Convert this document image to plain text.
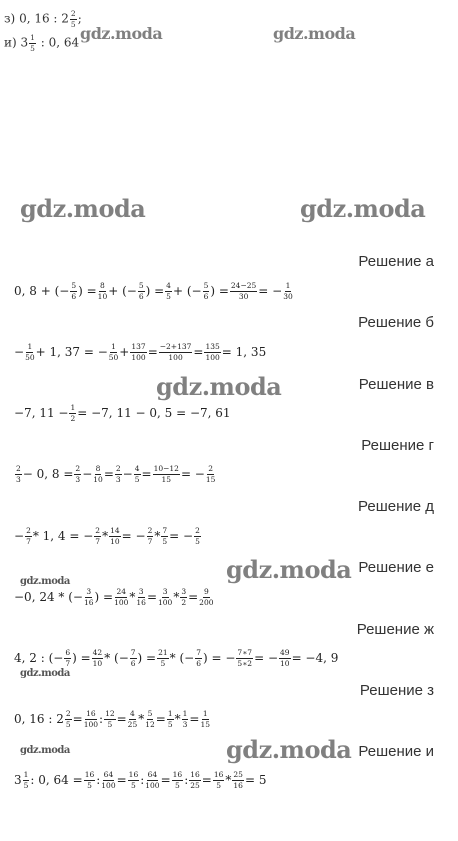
з) 0, 16 : $2 \frac{2}{5}$ ;
и) $3 \frac{1}{5}$ : 0, 64 gdz.moda	gdz.moda
gdz.moda	gdz.moda
gdz.moda
gdz.moda
gdz.moda
gdz.moda
gdz.moda
gdz.moda
Решение а
Решение б
Решение в
Решение г
Решение д
Решение е
Решение ж
Решение з
Решение и
0, 8 + (− $\frac{5}{6}$ ) = $\frac{8}{10}$ + (− $\frac{5}{6}$ ) = $\frac{4}{5}$ + (− $\frac{5}{6}$ ) = $\frac{24-25}{30}$ = − $\frac{1}{30}$
− $\frac{1}{50} + 1$, 37 = − $\frac{1}{50} + \frac{137}{100} = \frac{-2+137}{100} = \frac{135}{100} = 1$, 35
−7, $11 - \frac{1}{2} = -7$, 11 − 0, 5 = −7, 61
$\frac{2}{3} - 0$, $8 = \frac{2}{3} - \frac{8}{10} = \frac{2}{3} - \frac{4}{5} = \frac{10-12}{15}$ = − $\frac{2}{15}$
− $\frac{2}{7} * 1$, 4 = − $\frac{2}{7} * \frac{14}{10}$ = − $\frac{2}{7} * \frac{7}{5}$ = − $\frac{2}{5}$
−0, 24 * (− $\frac{3}{16}$ ) = $\frac{24}{100} * \frac{3}{16} = \frac{3}{100} * \frac{3}{2} = \frac{9}{200}$
4, 2 : (− $\frac{6}{7}$ ) = $\frac{42}{10}$ * (− $\frac{7}{6}$ ) = $\frac{21}{5}$ * (− $\frac{7}{6}$ ) = − $\frac{7∗7}{5∗2}$ = − $\frac{49}{10} = -4$, 9
0, 16 : $2 \frac{2}{5} = \frac{16}{100}$ : $\frac{12}{5} = \frac{4}{25} * \frac{5}{12} = \frac{1}{5} * \frac{1}{3} = \frac{1}{15}$
$3 \frac{1}{5}$ : 0, $64 = \frac{16}{5}$ : $\frac{64}{100} = \frac{16}{5}$ : $\frac{64}{100} = \frac{16}{5}$ : $\frac{16}{25} = \frac{16}{5} * \frac{25}{16} = 5$
